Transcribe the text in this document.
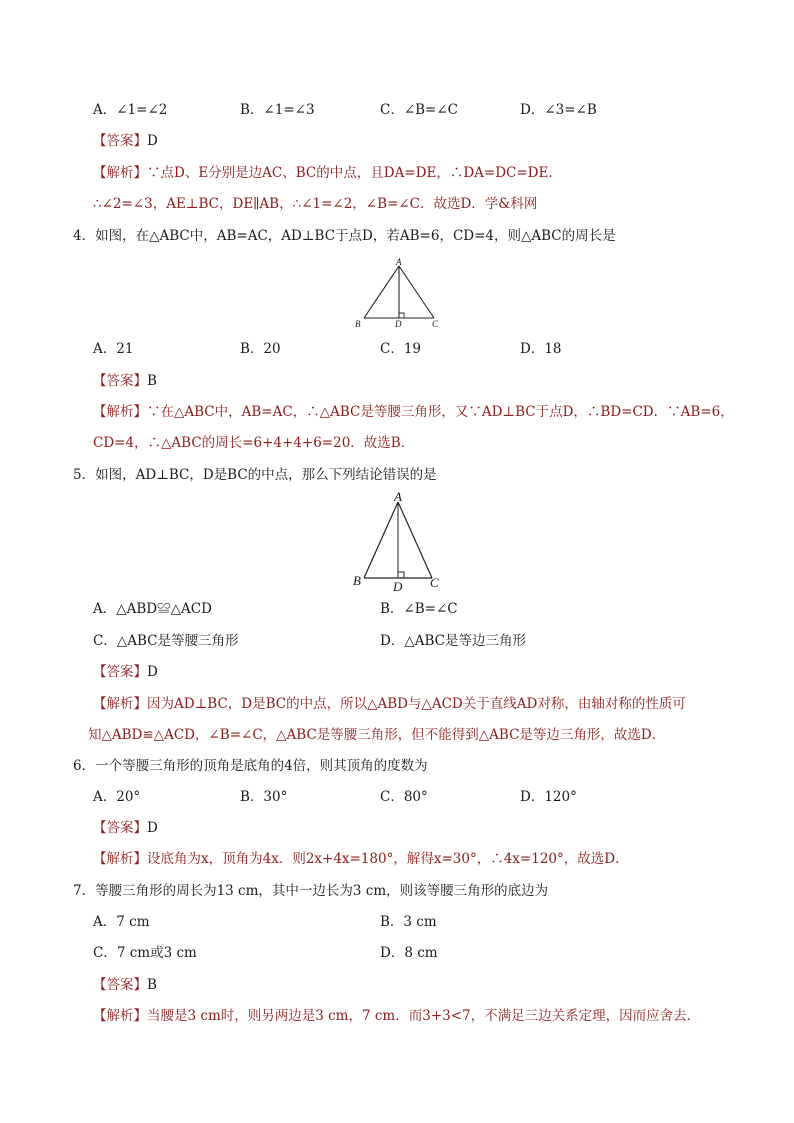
A．∠1=∠2	B．∠1=∠3	C．∠B=∠C	D．∠3=∠B
【答案】D
【解析】∵点D、E分别是边AC、BC的中点，且DA=DE，∴DA=DC=DE.
∴∠2=∠3，AE⊥BC，DE∥AB，∴∠1=∠2，∠B=∠C．故选D．学&科网
4．如图，在△ABC中，AB=AC，AD⊥BC于点D，若AB=6，CD=4，则△ABC的周长是
A
B	D	C
A．21	B．20	C．19	D．18
【答案】B
【解析】∵在△ABC中，AB=AC，∴△ABC是等腰三角形，又∵AD⊥BC于点D，∴BD=CD．∵AB=6，
CD=4，∴△ABC的周长=6+4+4+6=20．故选B．
5．如图，AD⊥BC，D是BC的中点，那么下列结论错误的是
A
B D C
A．△ABD≌△ACD	B．∠B=∠C
C．△ABC是等腰三角形	D．△ABC是等边三角形
【答案】D
【解析】因为AD⊥BC，D是BC的中点，所以△ABD与△ACD关于直线AD对称，由轴对称的性质可
知△ABD≌△ACD，∠B=∠C，△ABC是等腰三角形，但不能得到△ABC是等边三角形，故选D．
6．一个等腰三角形的顶角是底角的4倍，则其顶角的度数为
A．20°	B．30°	C．80°	D．120°
【答案】D
【解析】设底角为x，顶角为4x．则2x+4x=180°，解得x=30°，∴4x=120°，故选D．
7．等腰三角形的周长为13 cm，其中一边长为3 cm，则该等腰三角形的底边为
A．7 cm	B．3 cm
C．7 cm或3 cm	D．8 cm
【答案】B
【解析】当腰是3 cm时，则另两边是3 cm，7 cm．而3+3<7，不满足三边关系定理，因而应舍去．
